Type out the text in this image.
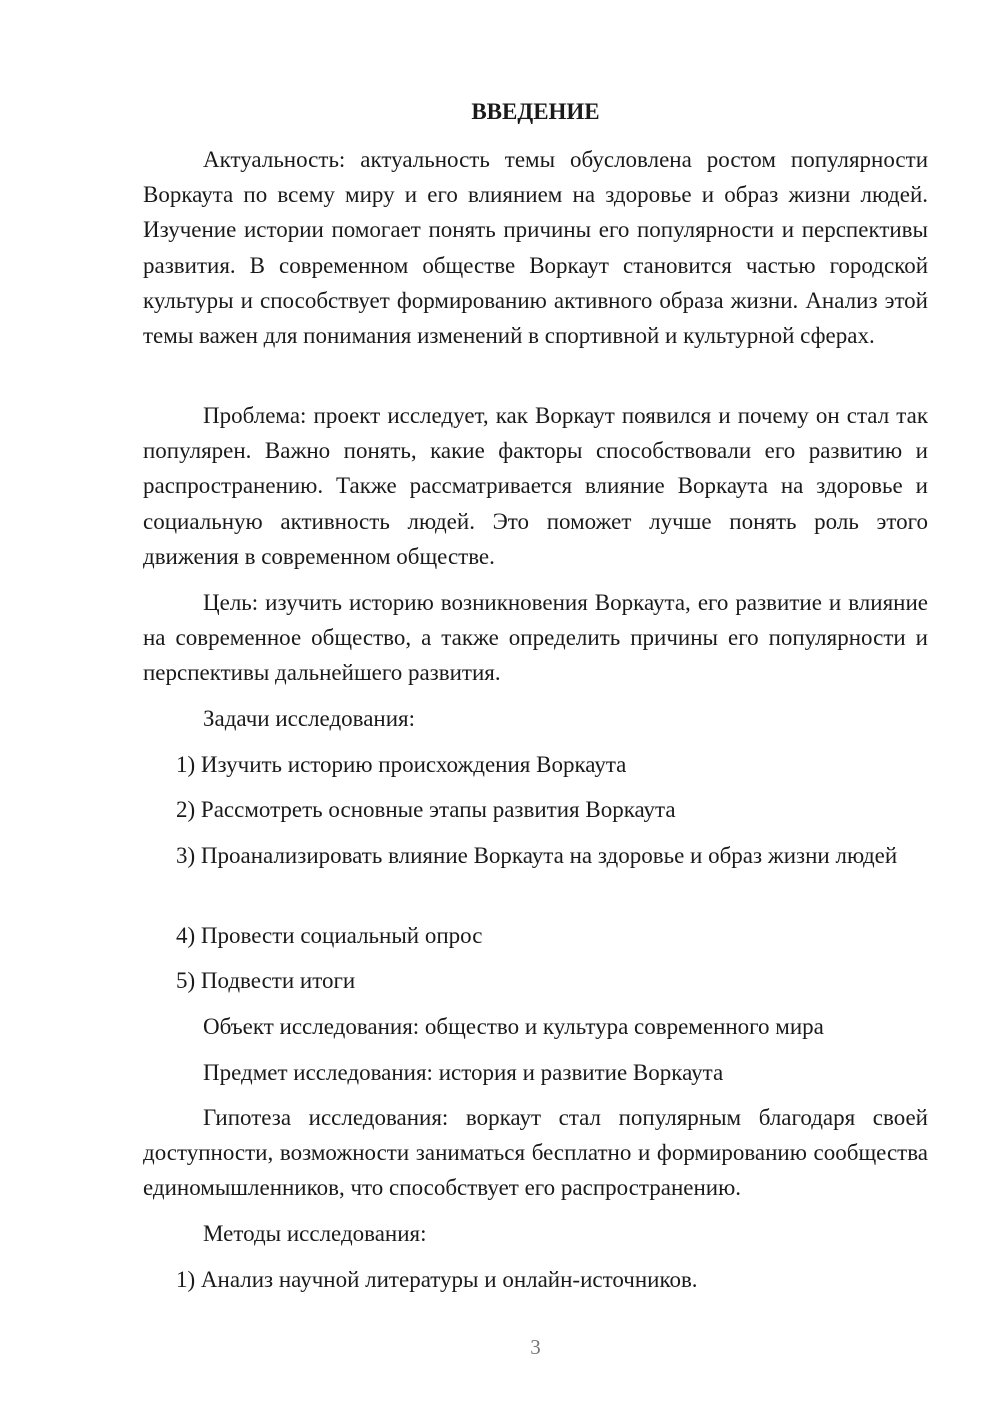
ВВЕДЕНИЕ

Актуальность: актуальность темы обусловлена ростом популярности Воркаута по всему миру и его влиянием на здоровье и образ жизни людей. Изучение истории помогает понять причины его популярности и перспективы развития. В современном обществе Воркаут становится частью городской культуры и способствует формированию активного образа жизни. Анализ этой темы важен для понимания изменений в спортивной и культурной сферах.

Проблема: проект исследует, как Воркаут появился и почему он стал так популярен. Важно понять, какие факторы способствовали его развитию и распространению. Также рассматривается влияние Воркаута на здоровье и социальную активность людей. Это поможет лучше понять роль этого движения в современном обществе.

Цель: изучить историю возникновения Воркаута, его развитие и влияние на современное общество, а также определить причины его популярности и перспективы дальнейшего развития.

Задачи исследования:

1) Изучить историю происхождения Воркаута

2) Рассмотреть основные этапы развития Воркаута

3) Проанализировать влияние Воркаута на здоровье и образ жизни людей

4) Провести социальный опрос

5) Подвести итоги

Объект исследования: общество и культура современного мира

Предмет исследования: история и развитие Воркаута

Гипотеза исследования: воркаут стал популярным благодаря своей доступности, возможности заниматься бесплатно и формированию сообщества единомышленников, что способствует его распространению.

Методы исследования:

1) Анализ научной литературы и онлайн-источников.

3
